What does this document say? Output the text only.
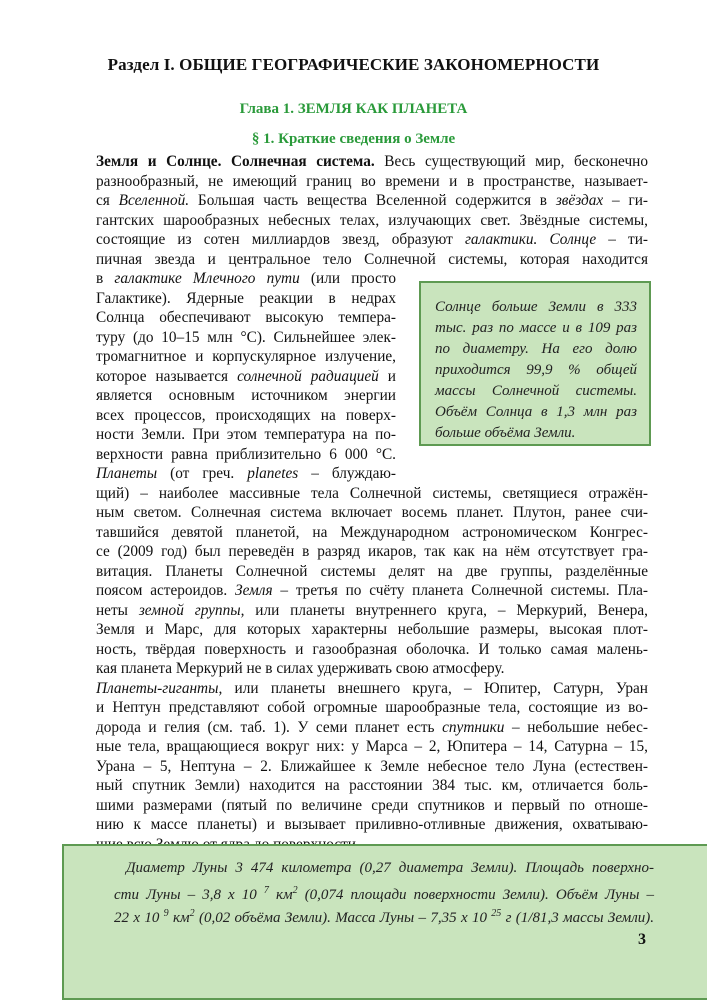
Раздел I. ОБЩИЕ ГЕОГРАФИЧЕСКИЕ ЗАКОНОМЕРНОСТИ
Глава 1. ЗЕМЛЯ КАК ПЛАНЕТА
§ 1. Краткие сведения о Земле
Земля и Солнце. Солнечная система. Весь существующий мир, бесконечно
разнообразный, не имеющий границ во времени и в пространстве, называет-
ся Вселенной. Большая часть вещества Вселенной содержится в звёздах – ги-
гантских шарообразных небесных телах, излучающих свет. Звёздные системы,
состоящие из сотен миллиардов звезд, образуют галактики. Солнце – ти-
пичная звезда и центральное тело Солнечной системы, которая находится
в галактике Млечного пути (или просто
Галактике). Ядерные реакции в недрах
Солнца обеспечивают высокую темпера-
туру (до 10–15 млн °С). Сильнейшее элек-
тромагнитное и корпускулярное излучение,
которое называется солнечной радиацией и
является основным источником энергии
всех процессов, происходящих на поверх-
ности Земли. При этом температура на по-
верхности равна приблизительно 6 000 °С.
Планеты (от греч. planetes – блуждаю-
щий) – наиболее массивные тела Солнечной системы, светящиеся отражён-
ным светом. Солнечная система включает восемь планет. Плутон, ранее счи-
тавшийся девятой планетой, на Международном астрономическом Конгрес-
се (2009 год) был переведён в разряд икаров, так как на нём отсутствует гра-
витация. Планеты Солнечной системы делят на две группы, разделённые
поясом астероидов. Земля – третья по счёту планета Солнечной системы. Пла-
неты земной группы, или планеты внутреннего круга, – Меркурий, Венера,
Земля и Марс, для которых характерны небольшие размеры, высокая плот-
ность, твёрдая поверхность и газообразная оболочка. И только самая малень-
кая планета Меркурий не в силах удерживать свою атмосферу.
Планеты-гиганты, или планеты внешнего круга, – Юпитер, Сатурн, Уран
и Нептун представляют собой огромные шарообразные тела, состоящие из во-
дорода и гелия (см. таб. 1). У семи планет есть спутники – небольшие небес-
ные тела, вращающиеся вокруг них: у Марса – 2, Юпитера – 14, Сатурна – 15,
Урана – 5, Нептуна – 2. Ближайшее к Земле небесное тело Луна (естествен-
ный спутник Земли) находится на расстоянии 384 тыс. км, отличается боль-
шими размерами (пятый по величине среди спутников и первый по отноше-
нию к массе планеты) и вызывает приливно-отливные движения, охватываю-

Солнце больше Земли в 333 тыс. раз по массе и в 109 раз по диаметру. На его долю приходится 99,9 % общей массы Солнечной системы. Объём Солнца в 1,3 млн раз больше объёма Земли.

Диаметр Луны 3 474 километра (0,27 диаметра Земли). Площадь поверхно-
сти Луны – 3,8 х 10 $^7$ $км^2$ (0,074 площади поверхности Земли). Объём Луны –
22 х 10 $^9$ $км^2$ (0,02 объёма Земли). Масса Луны – 7,35 х 10 $^{25}$ г (1/81,3 массы Земли).
3
